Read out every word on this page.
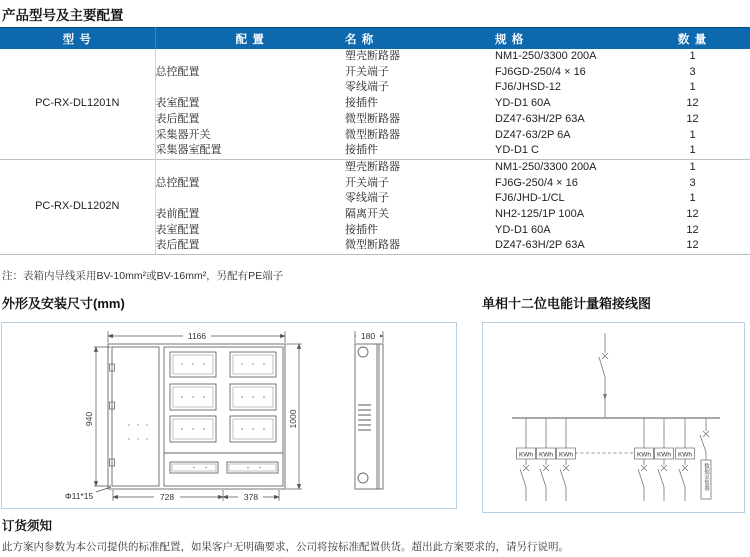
产品型号及主要配置
型 号	配 置	名 称	规 格	数 量
PC-RX-DL1201N	总控配置	塑壳断路器	NM1-250/3300 200A	1
		开关端子	FJ6GD-250/4 × 16	3
		零线端子	FJ6/JHSD-12	1
	表室配置	接插件	YD-D1 60A	12
	表后配置	微型断路器	DZ47-63H/2P 63A	12
	采集器开关	微型断路器	DZ47-63/2P 6A	1
	采集器室配置	接插件	YD-D1 C	1
PC-RX-DL1202N	总控配置	塑壳断路器	NM1-250/3300 200A	1
		开关端子	FJ6G-250/4 × 16	3
		零线端子	FJ6/JHD-1/CL	1
	表前配置	隔离开关	NH2-125/1P 100A	12
	表室配置	接插件	YD-D1 60A	12
	表后配置	微型断路器	DZ47-63H/2P 63A	12
注：表箱内导线采用BV-10mm²或BV-16mm²，另配有PE端子
外形及安装尺寸(mm)	单相十二位电能计量箱接线图
1166	180
940	1000
728	378
Φ11*15
KWh KWh KWh	KWh KWh KWh
数据采集器
订货须知
此方案内参数为本公司提供的标准配置，如果客户无明确要求，公司将按标准配置供货。超出此方案要求的，请另行说明。
